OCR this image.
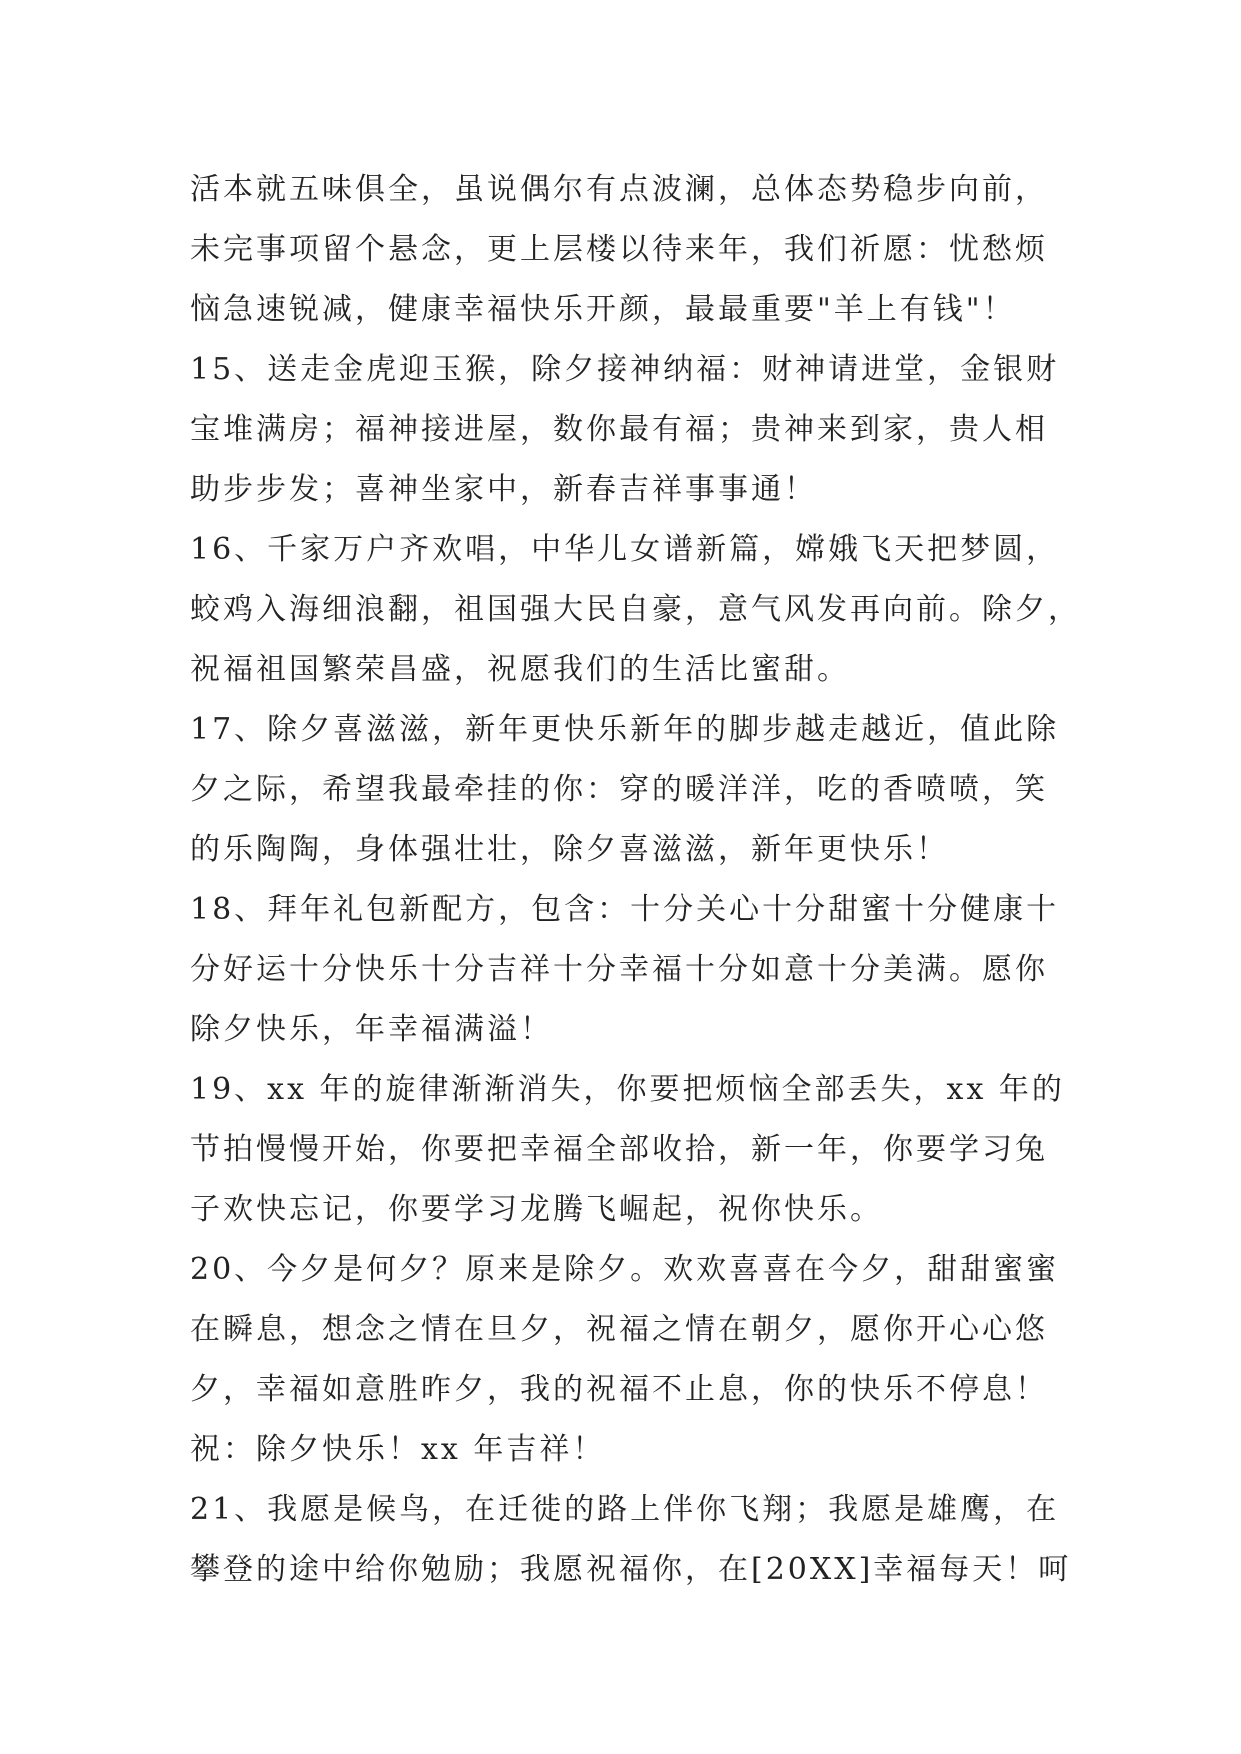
活本就五味俱全，虽说偶尔有点波澜，总体态势稳步向前，
未完事项留个悬念，更上层楼以待来年，我们祈愿：忧愁烦
恼急速锐减，健康幸福快乐开颜，最最重要"羊上有钱"！
15、送走金虎迎玉猴，除夕接神纳福：财神请进堂，金银财
宝堆满房；福神接进屋，数你最有福；贵神来到家，贵人相
助步步发；喜神坐家中，新春吉祥事事通！
16、千家万户齐欢唱，中华儿女谱新篇，嫦娥飞天把梦圆，
蛟鸡入海细浪翻，祖国强大民自豪，意气风发再向前。除夕，
祝福祖国繁荣昌盛，祝愿我们的生活比蜜甜。
17、除夕喜滋滋，新年更快乐新年的脚步越走越近，值此除
夕之际，希望我最牵挂的你：穿的暖洋洋，吃的香喷喷，笑
的乐陶陶，身体强壮壮，除夕喜滋滋，新年更快乐！
18、拜年礼包新配方，包含：十分关心十分甜蜜十分健康十
分好运十分快乐十分吉祥十分幸福十分如意十分美满。愿你
除夕快乐，年幸福满溢！
19、xx 年的旋律渐渐消失，你要把烦恼全部丢失，xx 年的
节拍慢慢开始，你要把幸福全部收拾，新一年，你要学习兔
子欢快忘记，你要学习龙腾飞崛起，祝你快乐。
20、今夕是何夕？原来是除夕。欢欢喜喜在今夕，甜甜蜜蜜
在瞬息，想念之情在旦夕，祝福之情在朝夕，愿你开心心悠
夕，幸福如意胜昨夕，我的祝福不止息，你的快乐不停息！
祝：除夕快乐！xx 年吉祥！
21、我愿是候鸟，在迁徙的路上伴你飞翔；我愿是雄鹰，在
攀登的途中给你勉励；我愿祝福你，在[20XX]幸福每天！呵
